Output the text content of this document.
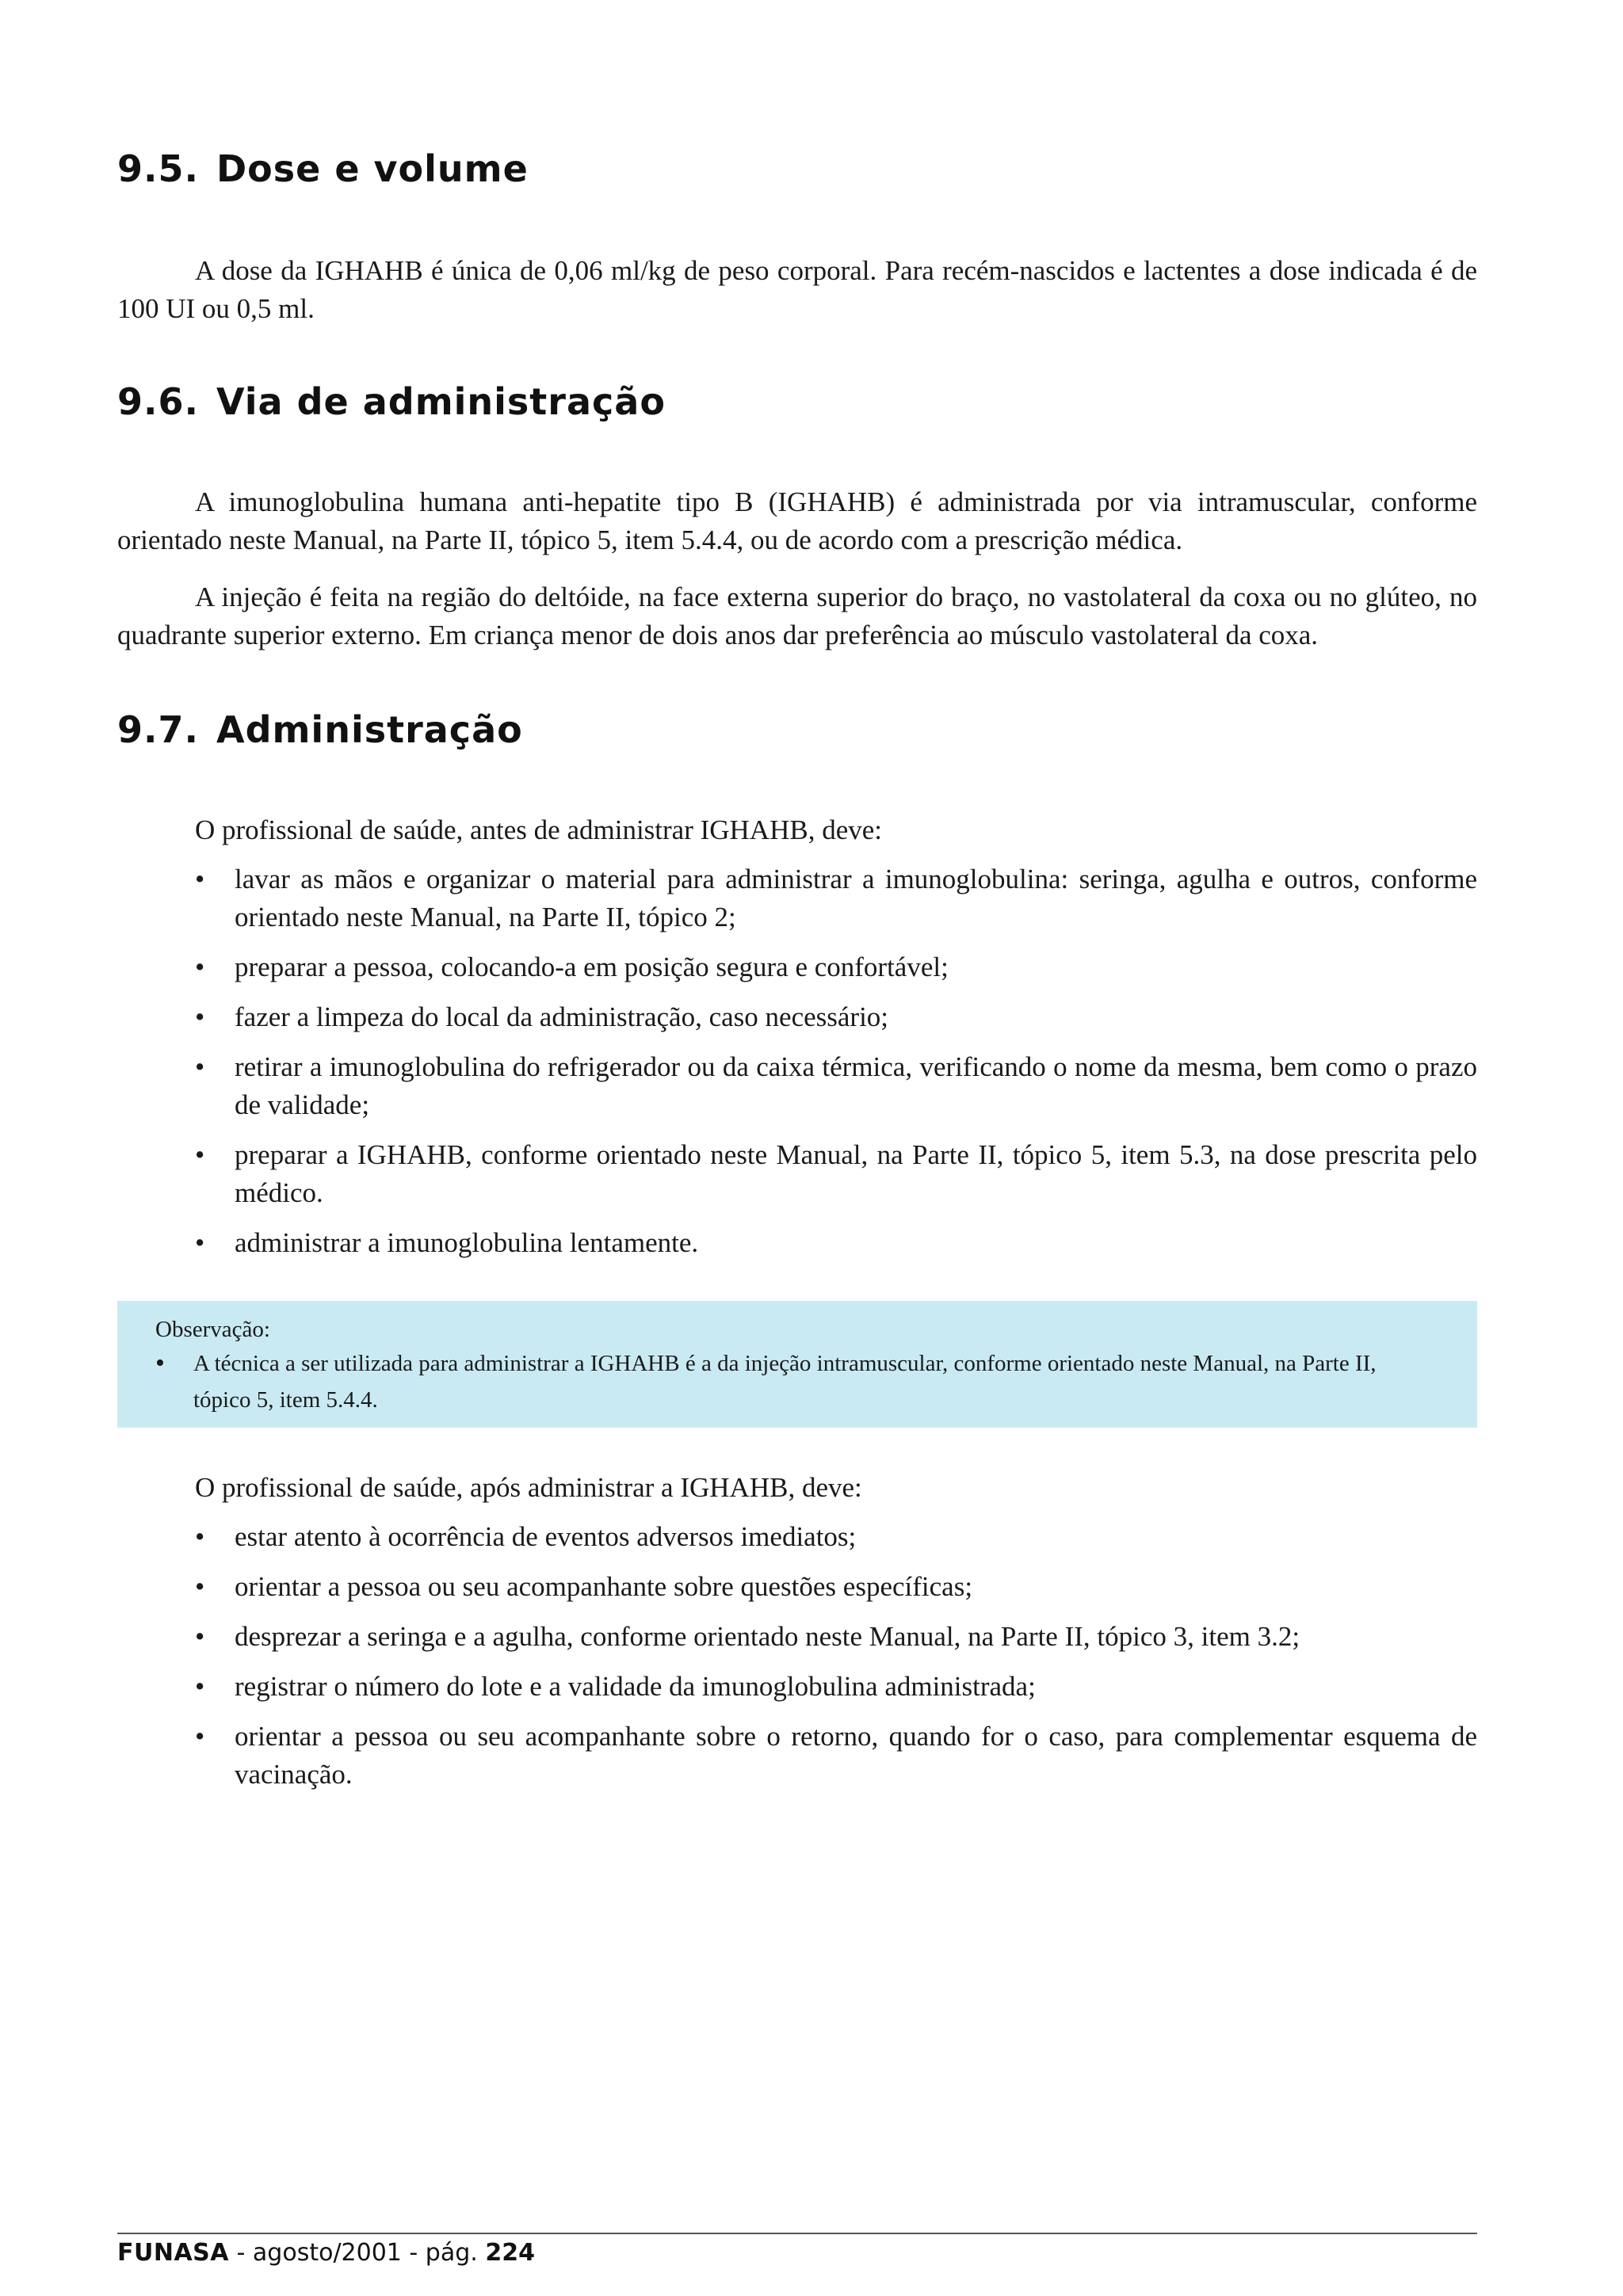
9.5. Dose e volume

A dose da IGHAHB é única de 0,06 ml/kg de peso corporal. Para recém-nascidos e lactentes a dose indicada é de 100 UI ou 0,5 ml.

9.6. Via de administração

A imunoglobulina humana anti-hepatite tipo B (IGHAHB) é administrada por via intramuscular, conforme orientado neste Manual, na Parte II, tópico 5, item 5.4.4, ou de acordo com a prescrição médica.

A injeção é feita na região do deltóide, na face externa superior do braço, no vastolateral da coxa ou no glúteo, no quadrante superior externo. Em criança menor de dois anos dar preferência ao músculo vastolateral da coxa.

9.7. Administração

O profissional de saúde, antes de administrar IGHAHB, deve:

• lavar as mãos e organizar o material para administrar a imunoglobulina: seringa, agulha e outros, conforme orientado neste Manual, na Parte II, tópico 2;
• preparar a pessoa, colocando-a em posição segura e confortável;
• fazer a limpeza do local da administração, caso necessário;
• retirar a imunoglobulina do refrigerador ou da caixa térmica, verificando o nome da mesma, bem como o prazo de validade;
• preparar a IGHAHB, conforme orientado neste Manual, na Parte II, tópico 5, item 5.3, na dose prescrita pelo médico.
• administrar a imunoglobulina lentamente.
Observação:
• A técnica a ser utilizada para administrar a IGHAHB é a da injeção intramuscular, conforme orientado neste Manual, na Parte II, tópico 5, item 5.4.4.

O profissional de saúde, após administrar a IGHAHB, deve:

• estar atento à ocorrência de eventos adversos imediatos;
• orientar a pessoa ou seu acompanhante sobre questões específicas;
• desprezar a seringa e a agulha, conforme orientado neste Manual, na Parte II, tópico 3, item 3.2;
• registrar o número do lote e a validade da imunoglobulina administrada;
• orientar a pessoa ou seu acompanhante sobre o retorno, quando for o caso, para complementar esquema de vacinação.
FUNASA - agosto/2001 - pág. 224
